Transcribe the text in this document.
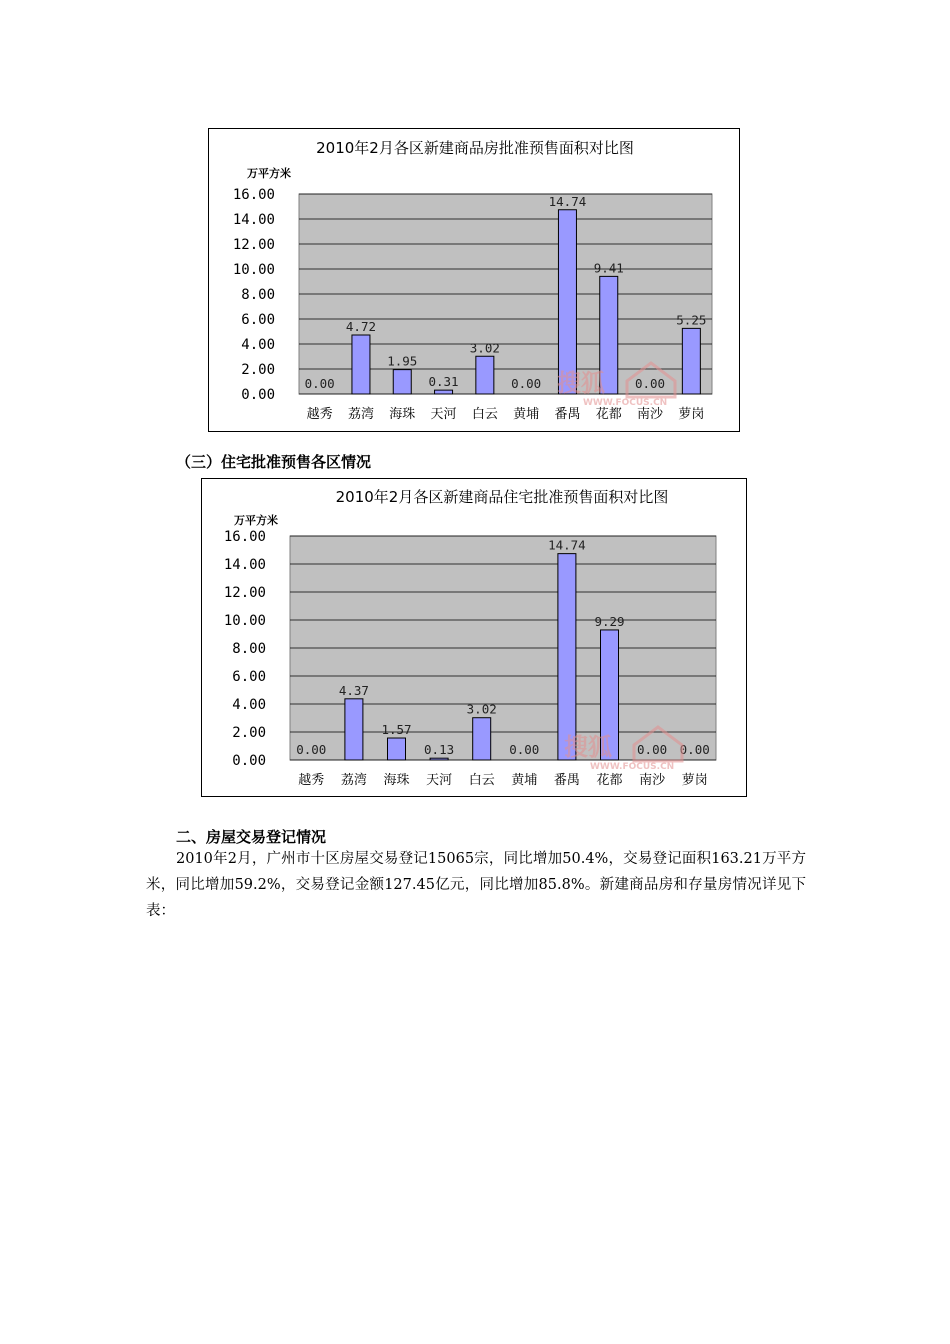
2010年2月各区新建商品房批准预售面积对比图
万平方米
0.00
2.00
4.00
6.00
8.00
10.00
12.00
14.00
16.00
0.00
越秀
4.72
荔湾
1.95
海珠
0.31
天河
3.02
白云
0.00
黄埔
14.74
番禺
9.41
花都
0.00
南沙
5.25
萝岗
搜狐
WWW.FOCUS.CN
（三）住宅批准预售各区情况
2010年2月各区新建商品住宅批准预售面积对比图
万平方米
0.00
2.00
4.00
6.00
8.00
10.00
12.00
14.00
16.00
0.00
越秀
4.37
荔湾
1.57
海珠
0.13
天河
3.02
白云
0.00
黄埔
14.74
番禺
9.29
花都
0.00
南沙
0.00
萝岗
搜狐
WWW.FOCUS.CN
二、房屋交易登记情况
2010年2月，广州市十区房屋交易登记15065宗，同比增加50.4%，交易登记面积163.21万平方米，同比增加59.2%，交易登记金额127.45亿元，同比增加85.8%。新建商品房和存量房情况详见下表：
